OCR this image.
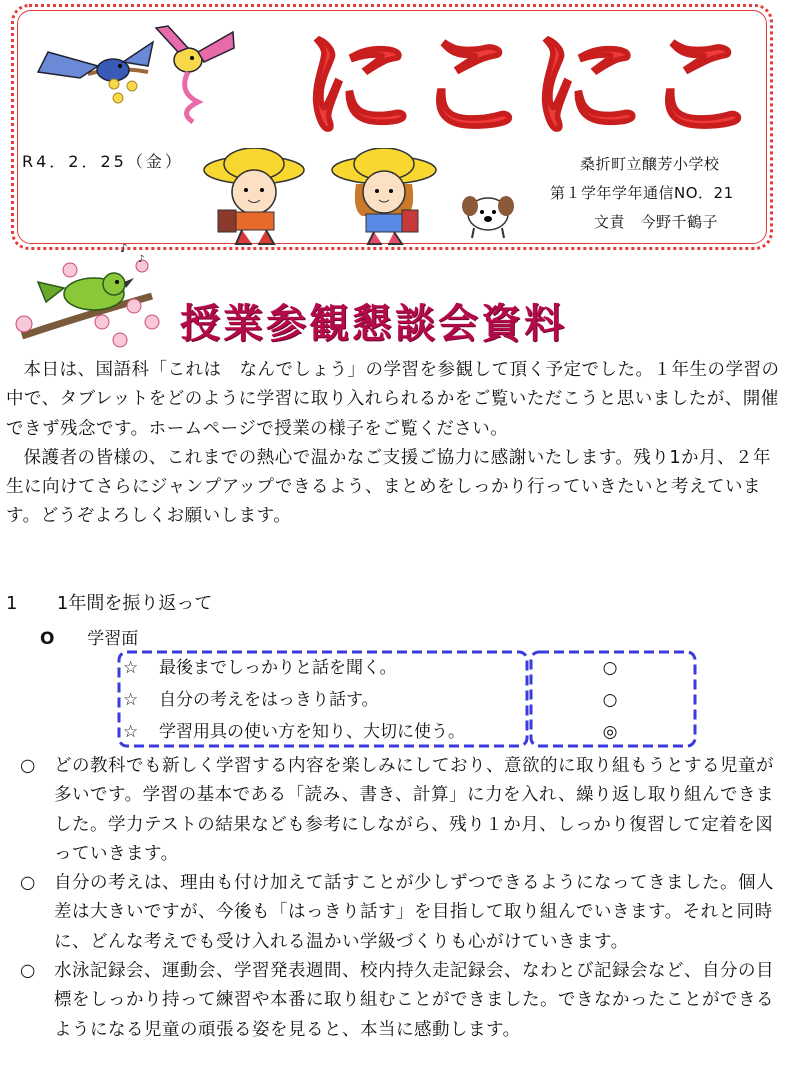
にこにこ
R4．2．25（金）	桑折町立醸芳小学校
第１学年学年通信NO．21
文責　今野千鶴子
♪
♪
授業参観懇談会資料

本日は、国語科「これは　なんでしょう」の学習を参観して頂く予定でした。１年生の学習の中で、タブレットをどのように学習に取り入れられるかをご覧いただこうと思いましたが、開催できず残念です。ホームページで授業の様子をご覧ください。

保護者の皆様の、これまでの熱心で温かなご支援ご協力に感謝いたします。残り1か月、２年生に向けてさらにジャンプアップできるよう、まとめをしっかり行っていきたいと考えています。どうぞよろしくお願いします。

1 1年間を振り返って
O 学習面
☆ 最後までしっかりと話を聞く。	○
☆ 自分の考えをはっきり話す。	○
☆ 学習用具の使い方を知り、大切に使う。	◎

○	どの教科でも新しく学習する内容を楽しみにしており、意欲的に取り組もうとする児童が多いです。学習の基本である「読み、書き、計算」に力を入れ、繰り返し取り組んできました。学力テストの結果なども参考にしながら、残り１か月、しっかり復習して定着を図っていきます。

○	自分の考えは、理由も付け加えて話すことが少しずつできるようになってきました。個人差は大きいですが、今後も「はっきり話す」を目指して取り組んでいきます。それと同時に、どんな考えでも受け入れる温かい学級づくりも心がけていきます。

○	水泳記録会、運動会、学習発表週間、校内持久走記録会、なわとび記録会など、自分の目標をしっかり持って練習や本番に取り組むことができました。できなかったことができるようになる児童の頑張る姿を見ると、本当に感動します。
